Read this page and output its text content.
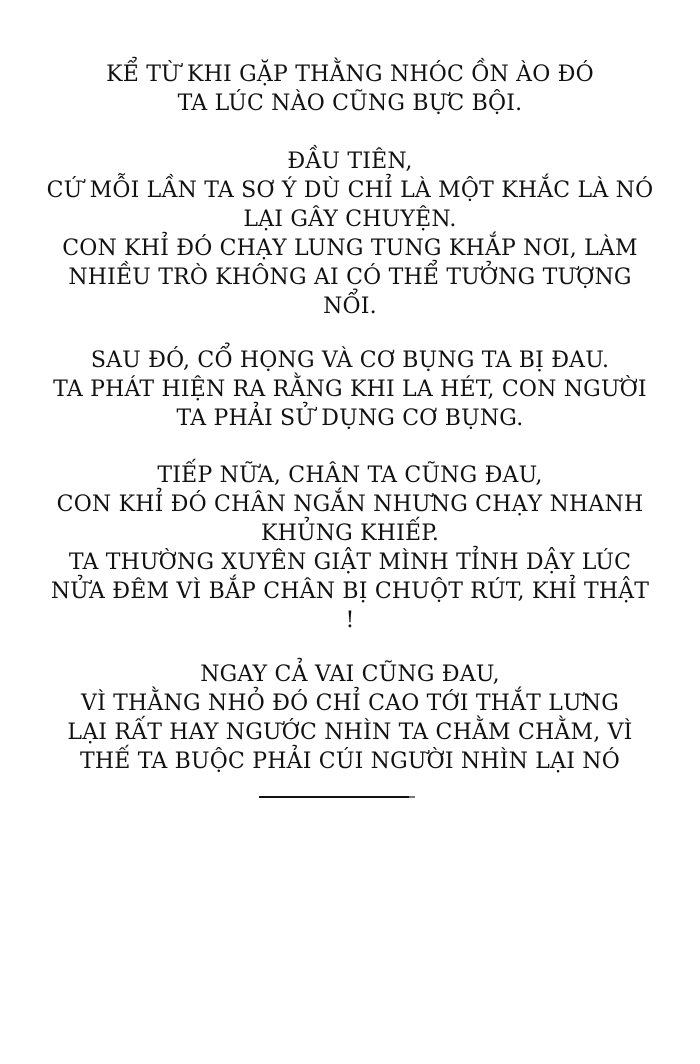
KỂ TỪ KHI GẶP THẰNG NHÓC ỒN ÀO ĐÓ
TA LÚC NÀO CŨNG BỰC BỘI.
ĐẦU TIÊN,
CỨ MỖI LẦN TA SƠ Ý DÙ CHỈ LÀ MỘT KHẮC LÀ NÓ
LẠI GÂY CHUYỆN.
CON KHỈ ĐÓ CHẠY LUNG TUNG KHẮP NƠI, LÀM
NHIỀU TRÒ KHÔNG AI CÓ THỂ TƯỞNG TƯỢNG
NỔI.
SAU ĐÓ, CỔ HỌNG VÀ CƠ BỤNG TA BỊ ĐAU.
TA PHÁT HIỆN RA RẰNG KHI LA HÉT, CON NGƯỜI
TA PHẢI SỬ DỤNG CƠ BỤNG.
TIẾP NỮA, CHÂN TA CŨNG ĐAU,
CON KHỈ ĐÓ CHÂN NGẮN NHƯNG CHẠY NHANH
KHỦNG KHIẾP.
TA THƯỜNG XUYÊN GIẬT MÌNH TỈNH DẬY LÚC
NỬA ĐÊM VÌ BẮP CHÂN BỊ CHUỘT RÚT, KHỈ THẬT
!
NGAY CẢ VAI CŨNG ĐAU,
VÌ THẰNG NHỎ ĐÓ CHỈ CAO TỚI THẮT LƯNG
LẠI RẤT HAY NGƯỚC NHÌN TA CHẰM CHẰM, VÌ
THẾ TA BUỘC PHẢI CÚI NGƯỜI NHÌN LẠI NÓ
